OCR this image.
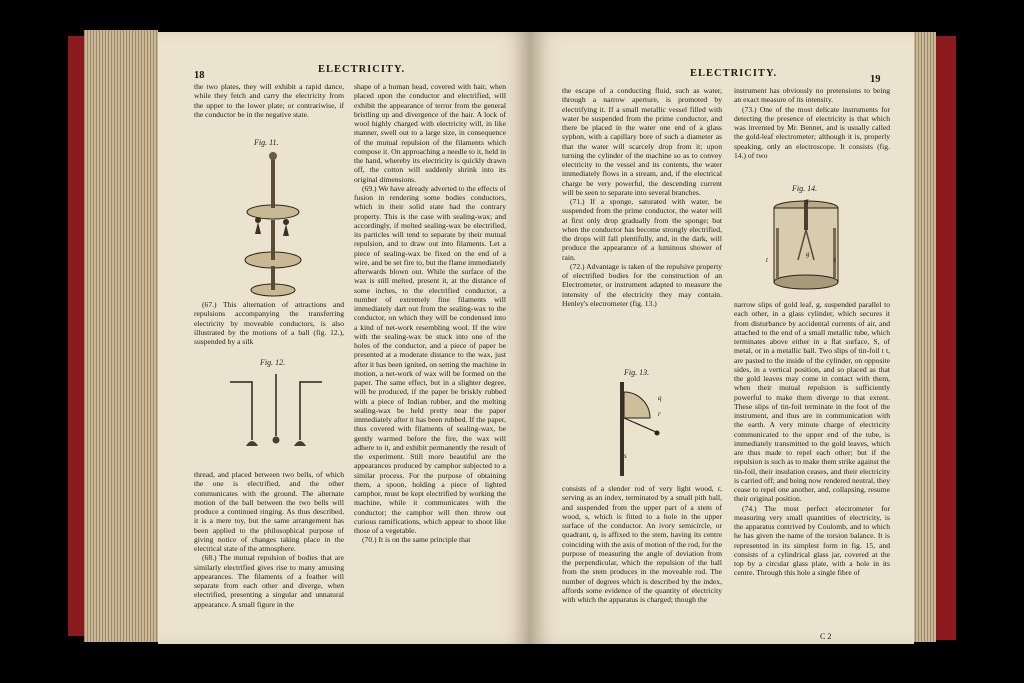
18
ELECTRICITY.

the two plates, they will exhibit a rapid dance, while they fetch and carry the electricity from the upper to the lower plate; or contrariwise, if the conductor be in the negative state.

Fig. 11.

(67.) This alternation of attractions and repulsions accompanying the transferring electricity by moveable conductors, is also illustrated by the motions of a ball (fig. 12.), suspended by a silk

Fig. 12.

thread, and placed between two bells, of which the one is electrified, and the other communicates with the ground. The alternate motion of the ball between the two bells will produce a continued ringing. As thus described, it is a mere toy, but the same arrangement has been applied to the philosophical purpose of giving notice of changes taking place in the electrical state of the atmosphere.

(68.) The mutual repulsion of bodies that are similarly electrified gives rise to many amusing appearances. The filaments of a feather will separate from each other and diverge, when electrified, presenting a singular and unnatural appearance. A small figure in the

shape of a human head, covered with hair, when placed upon the conductor and electrified, will exhibit the appearance of terror from the general bristling up and divergence of the hair. A lock of wool highly charged with electricity will, in like manner, swell out to a large size, in consequence of the mutual repulsion of the filaments which compose it. On approaching a needle to it, held in the hand, whereby its electricity is quickly drawn off, the cotton will suddenly shrink into its original dimensions.

(69.) We have already adverted to the effects of fusion in rendering some bodies conductors, which in their solid state had the contrary property. This is the case with sealing-wax; and accordingly, if melted sealing-wax be electrified, its particles will tend to separate by their mutual repulsion, and to draw out into filaments. Let a piece of sealing-wax be fixed on the end of a wire, and be set fire to, but the flame immediately afterwards blown out. While the surface of the wax is still melted, present it, at the distance of some inches, to the electrified conductor, a number of extremely fine filaments will immediately dart out from the sealing-wax to the conductor, on which they will be condensed into a kind of net-work resembling wool. If the wire with the sealing-wax be stuck into one of the holes of the conductor, and a piece of paper be presented at a moderate distance to the wax, just after it has been ignited, on setting the machine in motion, a net-work of wax will be formed on the paper. The same effect, but in a slighter degree, will be produced, if the paper be briskly rubbed with a piece of Indian rubber, and the melting sealing-wax be held pretty near the paper immediately after it has been rubbed. If the paper, thus covered with filaments of sealing-wax, be gently warmed before the fire, the wax will adhere to it, and exhibit permanently the result of the experiment. Still more beautiful are the appearances produced by camphor subjected to a similar process. For the purpose of obtaining them, a spoon, holding a piece of lighted camphor, must be kept electrified by working the machine, while it communicates with the conductor; the camphor will then throw out curious ramifications, which appear to shoot like those of a vegetable.

(70.) It is on the same principle that

ELECTRICITY.
19

the escape of a conducting fluid, such as water, through a narrow aperture, is promoted by electrifying it. If a small metallic vessel filled with water be suspended from the prime conductor, and there be placed in the water one end of a glass syphon, with a capillary bore of such a diameter as that the water will scarcely drop from it; upon turning the cylinder of the machine so as to convey electricity to the vessel and its contents, the water immediately flows in a stream, and, if the electrical charge be very powerful, the descending current will be seen to separate into several branches.

(71.) If a sponge, saturated with water, be suspended from the prime conductor, the water will at first only drop gradually from the sponge; but when the conductor has become strongly electrified, the drops will fall plentifully, and, in the dark, will produce the appearance of a luminous shower of rain.

(72.) Advantage is taken of the repulsive property of electrified bodies for the construction of an Electrometer, or instrument adapted to measure the intensity of the electricity they may contain. Henley's electrometer (fig. 13.)

Fig. 13.
q
r
s

consists of a slender rod of very light wood, r, serving as an index, terminated by a small pith ball, and suspended from the upper part of a stem of wood, s, which is fitted to a hole in the upper surface of the conductor. An ivory semicircle, or quadrant, q, is affixed to the stem, having its centre coinciding with the axis of motion of the rod, for the purpose of measuring the angle of deviation from the perpendicular, which the repulsion of the ball from the stem produces in the moveable rod. The number of degrees which is described by the index, affords some evidence of the quantity of electricity with which the apparatus is charged; though the

instrument has obviously no pretensions to being an exact measure of its intensity.

(73.) One of the most delicate instruments for detecting the presence of electricity is that which was invented by Mr. Bennet, and is usually called the gold-leaf electrometer; although it is, properly speaking, only an electroscope. It consists (fig. 14.) of two

Fig. 14.
S
t
g
t

narrow slips of gold leaf, g, suspended parallel to each other, in a glass cylinder, which secures it from disturbance by accidental currents of air, and attached to the end of a small metallic tube, which terminates above either in a flat surface, S, of metal, or in a metallic ball. Two slips of tin-foil t t, are pasted to the inside of the cylinder, on opposite sides, in a vertical position, and so placed as that the gold leaves may come in contact with them, when their mutual repulsion is sufficiently powerful to make them diverge to that extent. These slips of tin-foil terminate in the foot of the instrument, and thus are in communication with the earth. A very minute charge of electricity communicated to the upper end of the tube, is immediately transmitted to the gold leaves, which are thus made to repel each other; but if the repulsion is such as to make them strike against the tin-foil, their insulation ceases, and their electricity is carried off; and being now rendered neutral, they cease to repel one another, and, collapsing, resume their original position.

(74.) The most perfect electrometer for measuring very small quantities of electricity, is the apparatus contrived by Coulomb, and to which he has given the name of the torsion balance. It is represented in its simplest form in fig. 15, and consists of a cylindrical glass jar, covered at the top by a circular glass plate, with a hole in its centre. Through this hole a single fibre of

C 2
